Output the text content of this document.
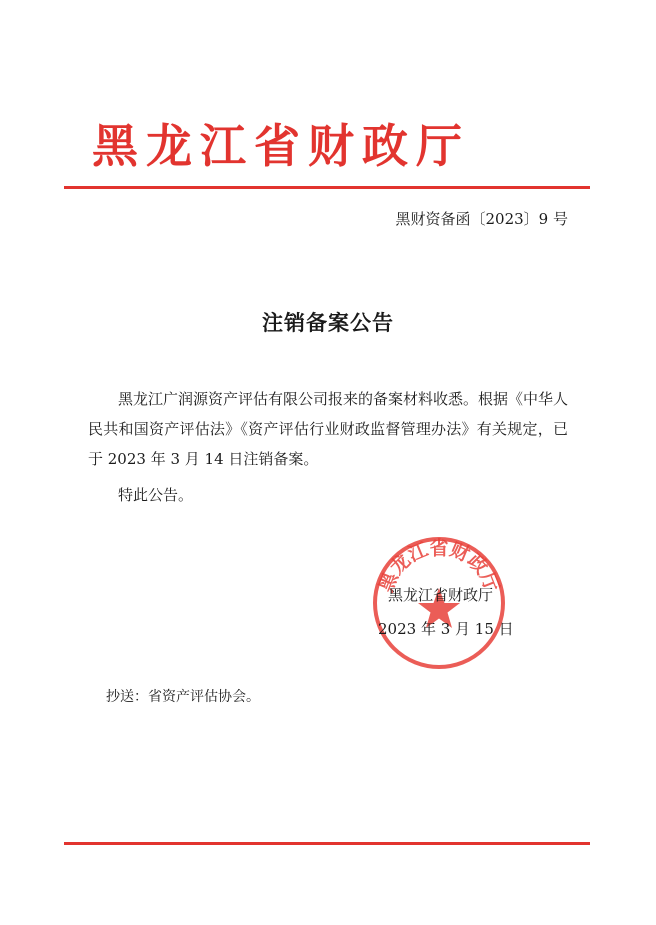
黑龙江省财政厅
黑财资备函〔2023〕9 号
注销备案公告

黑龙江广润源资产评估有限公司报来的备案材料收悉。根据《中华人民共和国资产评估法》《资产评估行业财政监督管理办法》有关规定，已于 2023 年 3 月 14 日注销备案。

特此公告。
黑龙江省财政厅
黑龙江省财政厅
2023 年 3 月 15 日
抄送：省资产评估协会。
